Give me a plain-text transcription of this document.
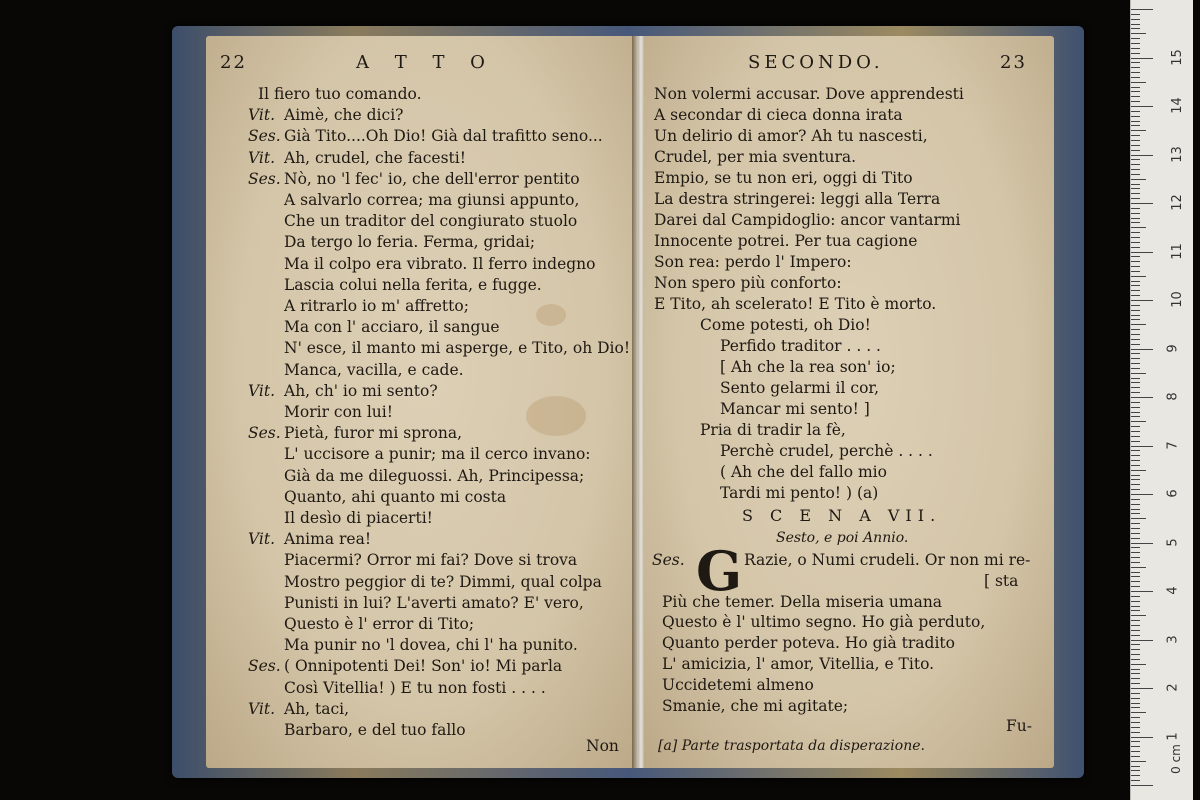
22	A T T O
Non
Il fiero tuo comando.
Vit. Aimè, che dici?
Ses. Già Tito....Oh Dio! Già dal trafitto seno...
Vit. Ah, crudel, che facesti!
Ses. Nò, no 'l fec' io, che dell'error pentito
A salvarlo correa; ma giunsi appunto,
Che un traditor del congiurato stuolo
Da tergo lo feria. Ferma, gridai;
Ma il colpo era vibrato. Il ferro indegno
Lascia colui nella ferita, e fugge.
A ritrarlo io m' affretto;
Ma con l' acciaro, il sangue
N' esce, il manto mi asperge, e Tito, oh Dio!
Manca, vacilla, e cade.
Vit. Ah, ch' io mi sento?
Morir con lui!
Ses. Pietà, furor mi sprona,
L' uccisore a punir; ma il cerco invano:
Già da me dileguossi. Ah, Principessa;
Quanto, ahi quanto mi costa
Il desìo di piacerti!
Vit. Anima rea!
Piacermi? Orror mi fai? Dove si trova
Mostro peggior di te? Dimmi, qual colpa
Punisti in lui? L'averti amato? E' vero,
Questo è l' error di Tito;
Ma punir no 'l dovea, chi l' ha punito.
Ses. ( Onnipotenti Dei! Son' io! Mi parla
Così Vitellia! ) E tu non fosti . . . .
Vit. Ah, taci,
Barbaro, e del tuo fallo
SECONDO.	23
S C E N A VII.
Sesto, e poi Annio.
Ses. G
Fu-
[a] Parte trasportata da disperazione.
Non volermi accusar. Dove apprendesti
A secondar di cieca donna irata
Un delirio di amor? Ah tu nascesti,
Crudel, per mia sventura.
Empio, se tu non eri, oggi di Tito
La destra stringerei: leggi alla Terra
Darei dal Campidoglio: ancor vantarmi
Innocente potrei. Per tua cagione
Son rea: perdo l' Impero:
Non spero più conforto:
E Tito, ah scelerato! E Tito è morto.
Come potesti, oh Dio!
Perfido traditor . . . .
[ Ah che la rea son' io;
Sento gelarmi il cor,
Mancar mi sento! ]
Pria di tradir la fè,
Perchè crudel, perchè . . . .
( Ah che del fallo mio
Tardi mi pento! ) (a)
Razie, o Numi crudeli. Or non mi re-
[ sta
Più che temer. Della miseria umana
Questo è l' ultimo segno. Ho già perduto,
Quanto perder poteva. Ho già tradito
L' amicizia, l' amor, Vitellia, e Tito.
Uccidetemi almeno
Smanie, che mi agitate;
0 cm
1
2
3
4
5
6
7
8
9
10
11
12
13
14
15
